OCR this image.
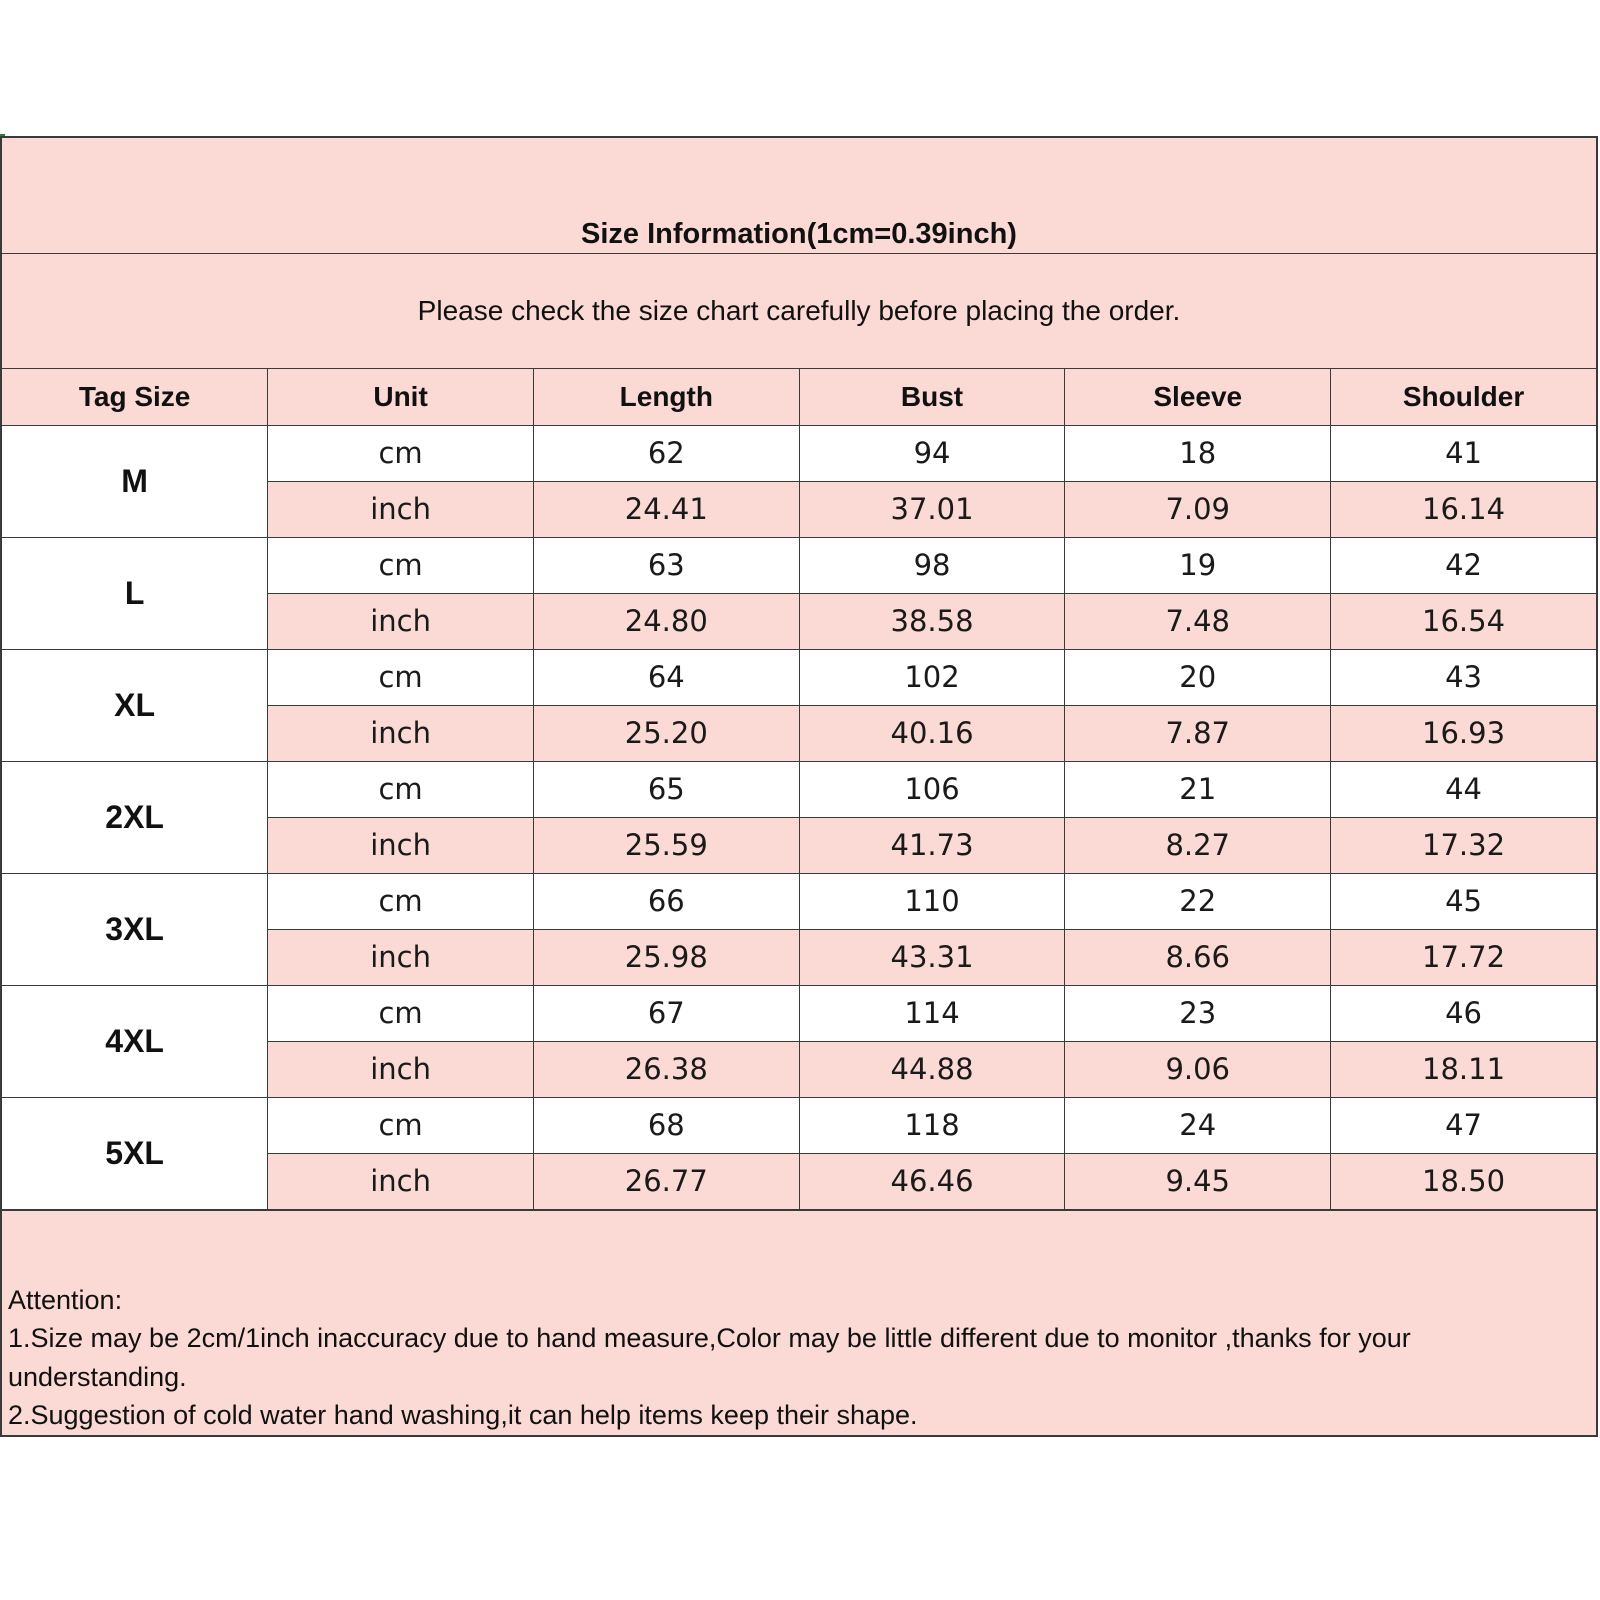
Size Information(1cm=0.39inch)
Please check the size chart carefully before placing the order.
Tag Size	Unit	Length	Bust	Sleeve	Shoulder
M	cm	62	94	18	41
	inch	24.41	37.01	7.09	16.14
L	cm	63	98	19	42
	inch	24.80	38.58	7.48	16.54
XL	cm	64	102	20	43
	inch	25.20	40.16	7.87	16.93
2XL	cm	65	106	21	44
	inch	25.59	41.73	8.27	17.32
3XL	cm	66	110	22	45
	inch	25.98	43.31	8.66	17.72
4XL	cm	67	114	23	46
	inch	26.38	44.88	9.06	18.11
5XL	cm	68	118	24	47
	inch	26.77	46.46	9.45	18.50
Attention:
1.Size may be 2cm/1inch inaccuracy due to hand measure,Color may be little different due to monitor ,thanks for your understanding.
2.Suggestion of cold water hand washing,it can help items keep their shape.
